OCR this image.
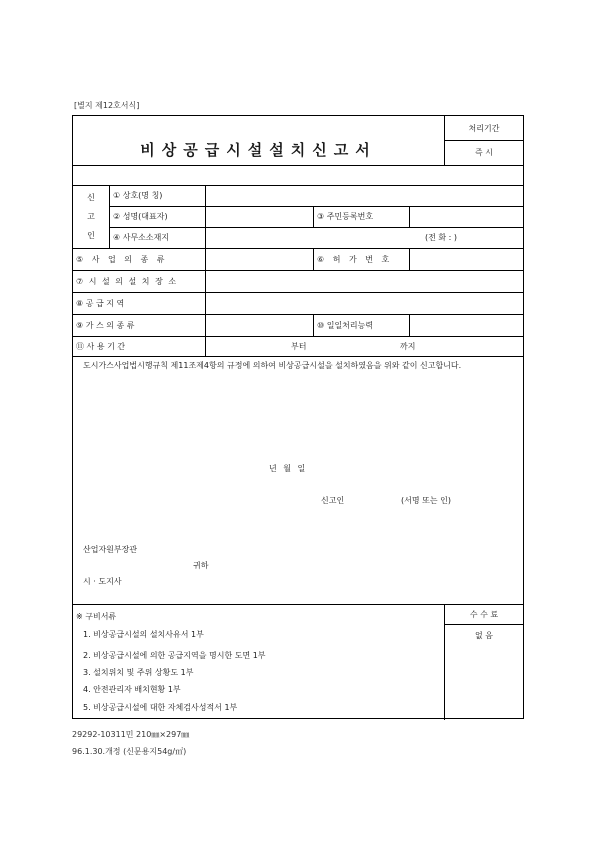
[별지 제12호서식]
비상공급시설설치신고서
처리기간
즉 시
신
고
인
① 상호(명 칭)
② 성명(대표자)	③ 주민등록번호
④ 사무소소재지	(전 화 : )
⑤ 사 업 의 종 류	⑥ 허 가 번 호
⑦ 시 설 의 설 치 장 소
⑧ 공 급 지 역
⑨ 가 스 의 종 류	⑩ 일일처리능력
⑪ 사 용 기 간	부터	까지
도시가스사업법시행규칙 제11조제4항의 규정에 의하여 비상공급시설을 설치하였음을 위와 같이 신고합니다.
년 월 일
신고인	(서명 또는 인)
산업자원부장관
귀하
시 · 도지사
※ 구비서류
1. 비상공급시설의 설치사유서 1부
2. 비상공급시설에 의한 공급지역을 명시한 도면 1부
3. 설치위치 및 주위 상황도 1부
4. 안전관리자 배치현황 1부
5. 비상공급시설에 대한 자체검사성적서 1부
수 수 료
없 음
29292-10311민 210㎜×297㎜
96.1.30.개정 (신문용지54g/㎡)
